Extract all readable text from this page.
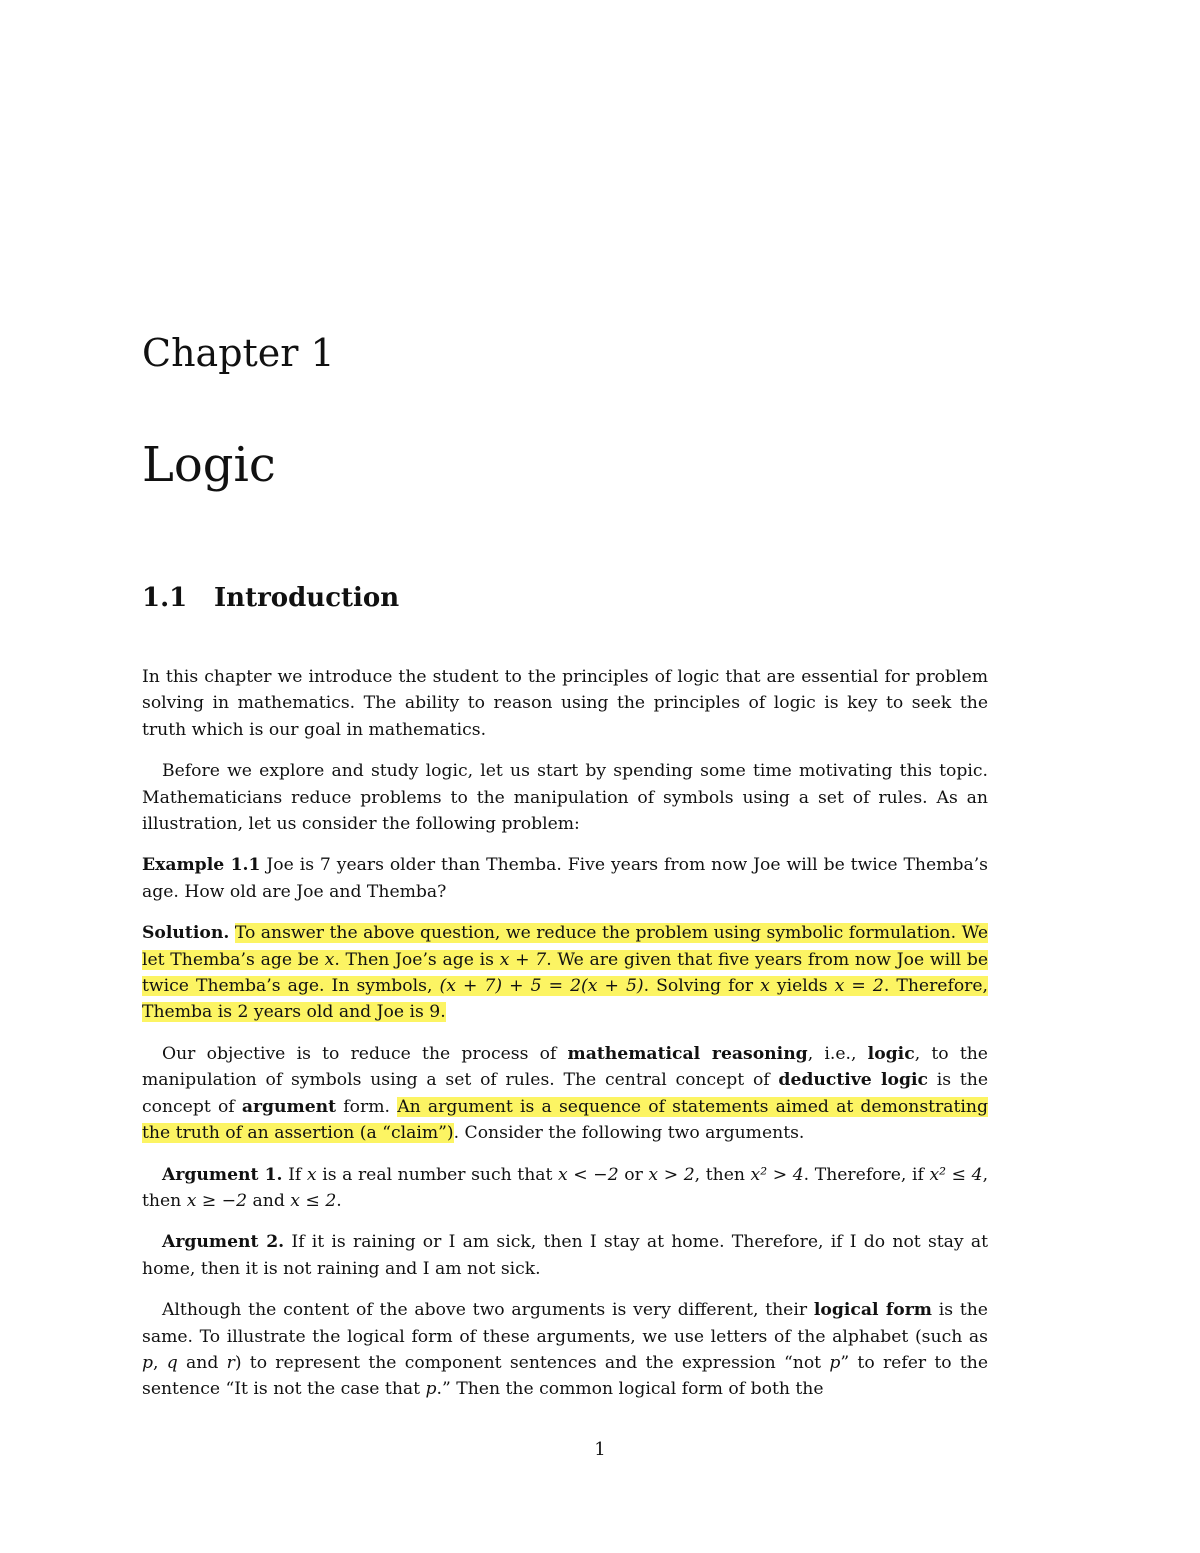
Chapter 1
Logic
1.1 Introduction

In this chapter we introduce the student to the principles of logic that are essential for problem solving in mathematics. The ability to reason using the principles of logic is key to seek the truth which is our goal in mathematics.

Before we explore and study logic, let us start by spending some time motivating this topic. Mathematicians reduce problems to the manipulation of symbols using a set of rules. As an illustration, let us consider the following problem:

Example 1.1 Joe is 7 years older than Themba. Five years from now Joe will be twice Themba’s age. How old are Joe and Themba?

Solution. To answer the above question, we reduce the problem using symbolic formulation. We let Themba’s age be x. Then Joe’s age is x + 7. We are given that five years from now Joe will be twice Themba’s age. In symbols, (x + 7) + 5 = 2(x + 5). Solving for x yields x = 2. Therefore, Themba is 2 years old and Joe is 9.

Our objective is to reduce the process of mathematical reasoning, i.e., logic, to the manipulation of symbols using a set of rules. The central concept of deductive logic is the concept of argument form. An argument is a sequence of statements aimed at demonstrating the truth of an assertion (a “claim”). Consider the following two arguments.

Argument 1. If x is a real number such that x < −2 or x > 2, then x² > 4. Therefore, if x² ≤ 4, then x ≥ −2 and x ≤ 2.

Argument 2. If it is raining or I am sick, then I stay at home. Therefore, if I do not stay at home, then it is not raining and I am not sick.

Although the content of the above two arguments is very different, their logical form is the same. To illustrate the logical form of these arguments, we use letters of the alphabet (such as p, q and r) to represent the component sentences and the expression “not p” to refer to the sentence “It is not the case that p.” Then the common logical form of both the

1
